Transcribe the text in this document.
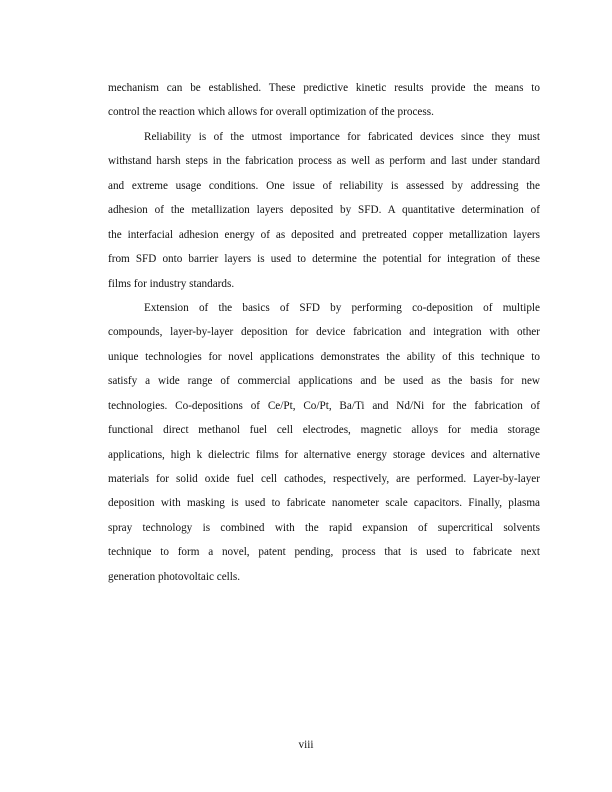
mechanism can be established. These predictive kinetic results provide the means to
control the reaction which allows for overall optimization of the process.

Reliability is of the utmost importance for fabricated devices since they must
withstand harsh steps in the fabrication process as well as perform and last under standard
and extreme usage conditions. One issue of reliability is assessed by addressing the
adhesion of the metallization layers deposited by SFD. A quantitative determination of
the interfacial adhesion energy of as deposited and pretreated copper metallization layers
from SFD onto barrier layers is used to determine the potential for integration of these
films for industry standards.

Extension of the basics of SFD by performing co-deposition of multiple
compounds, layer-by-layer deposition for device fabrication and integration with other
unique technologies for novel applications demonstrates the ability of this technique to
satisfy a wide range of commercial applications and be used as the basis for new
technologies. Co-depositions of Ce/Pt, Co/Pt, Ba/Ti and Nd/Ni for the fabrication of
functional direct methanol fuel cell electrodes, magnetic alloys for media storage
applications, high k dielectric films for alternative energy storage devices and alternative
materials for solid oxide fuel cell cathodes, respectively, are performed. Layer-by-layer
deposition with masking is used to fabricate nanometer scale capacitors. Finally, plasma
spray technology is combined with the rapid expansion of supercritical solvents
technique to form a novel, patent pending, process that is used to fabricate next
generation photovoltaic cells.

viii
